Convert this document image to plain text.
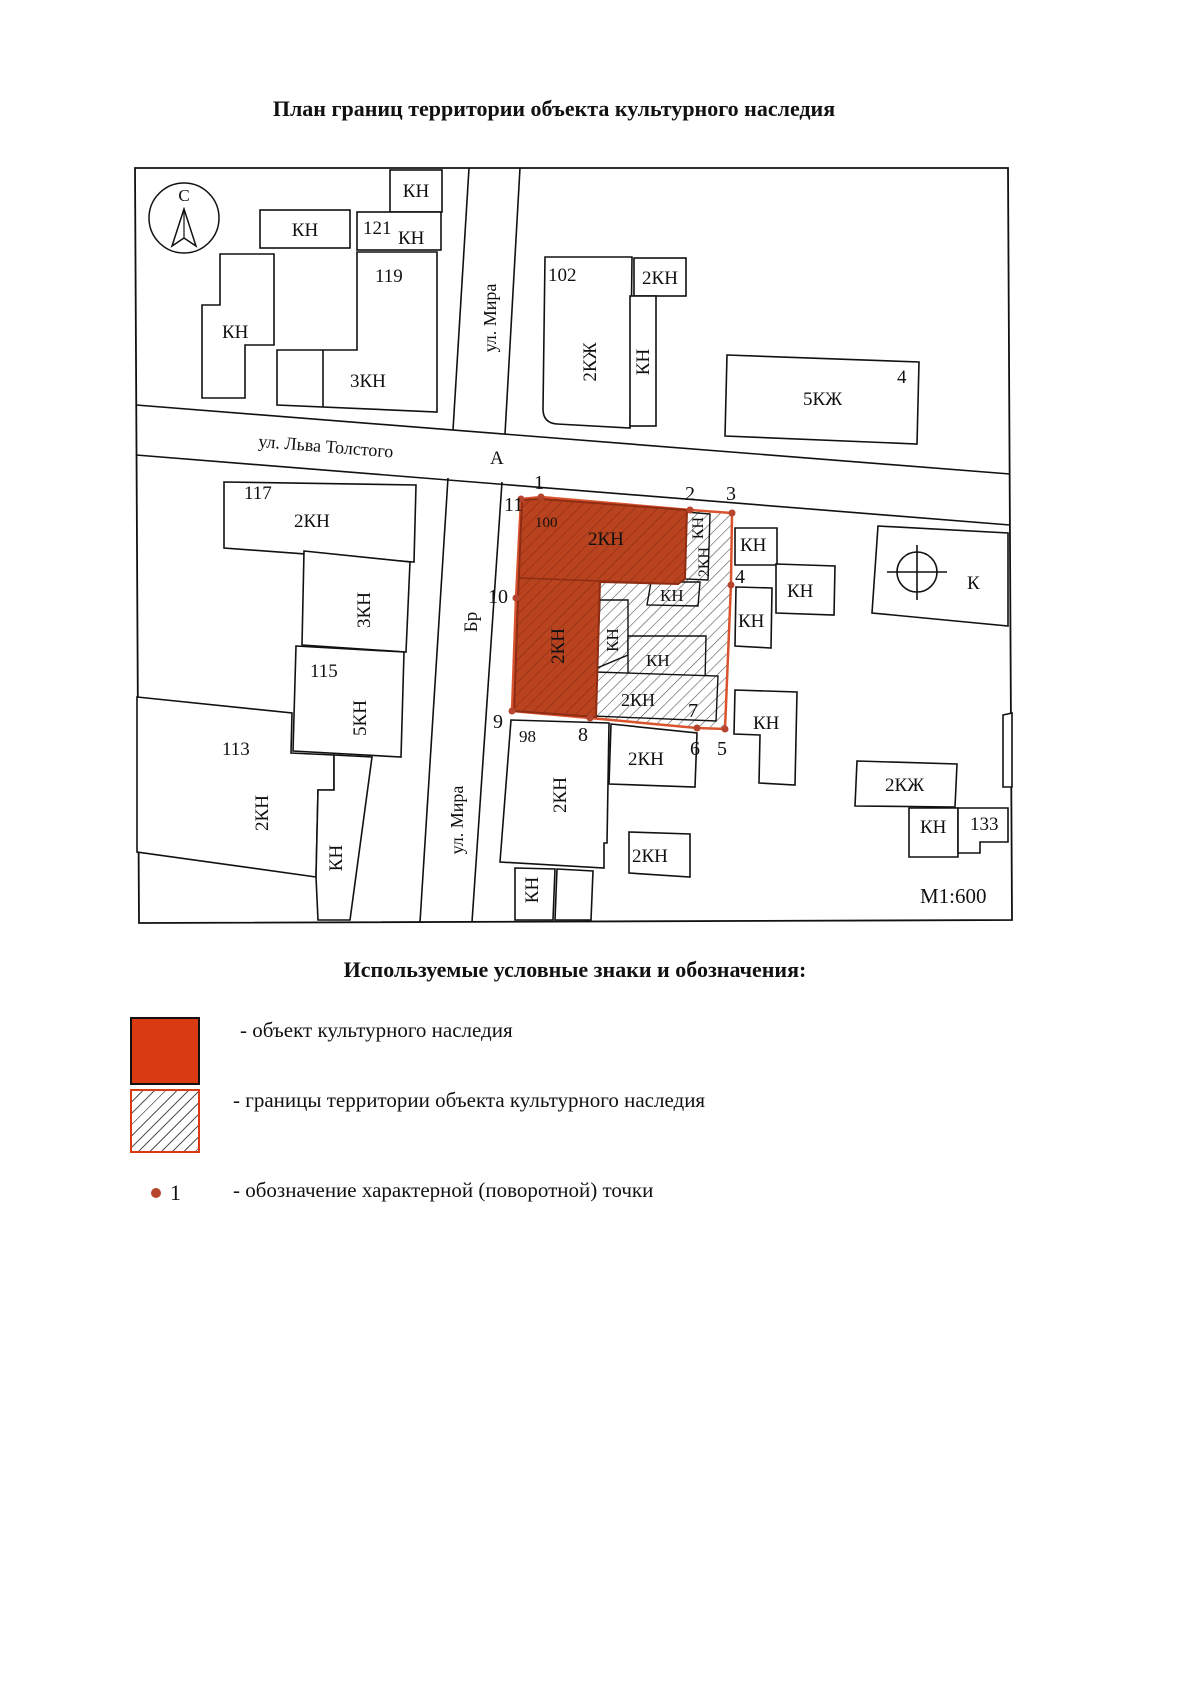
План границ территории объекта культурного наследия
1	2 3
4
5
6
7
8
9
10
11
С	КН
КН 121 КН
119
КН
3КН
102	2КН
2КЖ КН
4
5КЖ
ул. Льва Толстого	А
ул. Мира
117
2КН
3КН
115
5КН
113
2КН
КН
Бр
ул. Мира
100
2КН
2КН
КН
2КН
КН
КН
КН
2КН
КН
КН
КН
КН
К
98
2КН
2КН
2КН
КН
2КЖ
КН 133
М1:600
Используемые условные знаки и обозначения:
- объект культурного наследия
- границы территории объекта культурного наследия
1 - обозначение характерной (поворотной) точки
